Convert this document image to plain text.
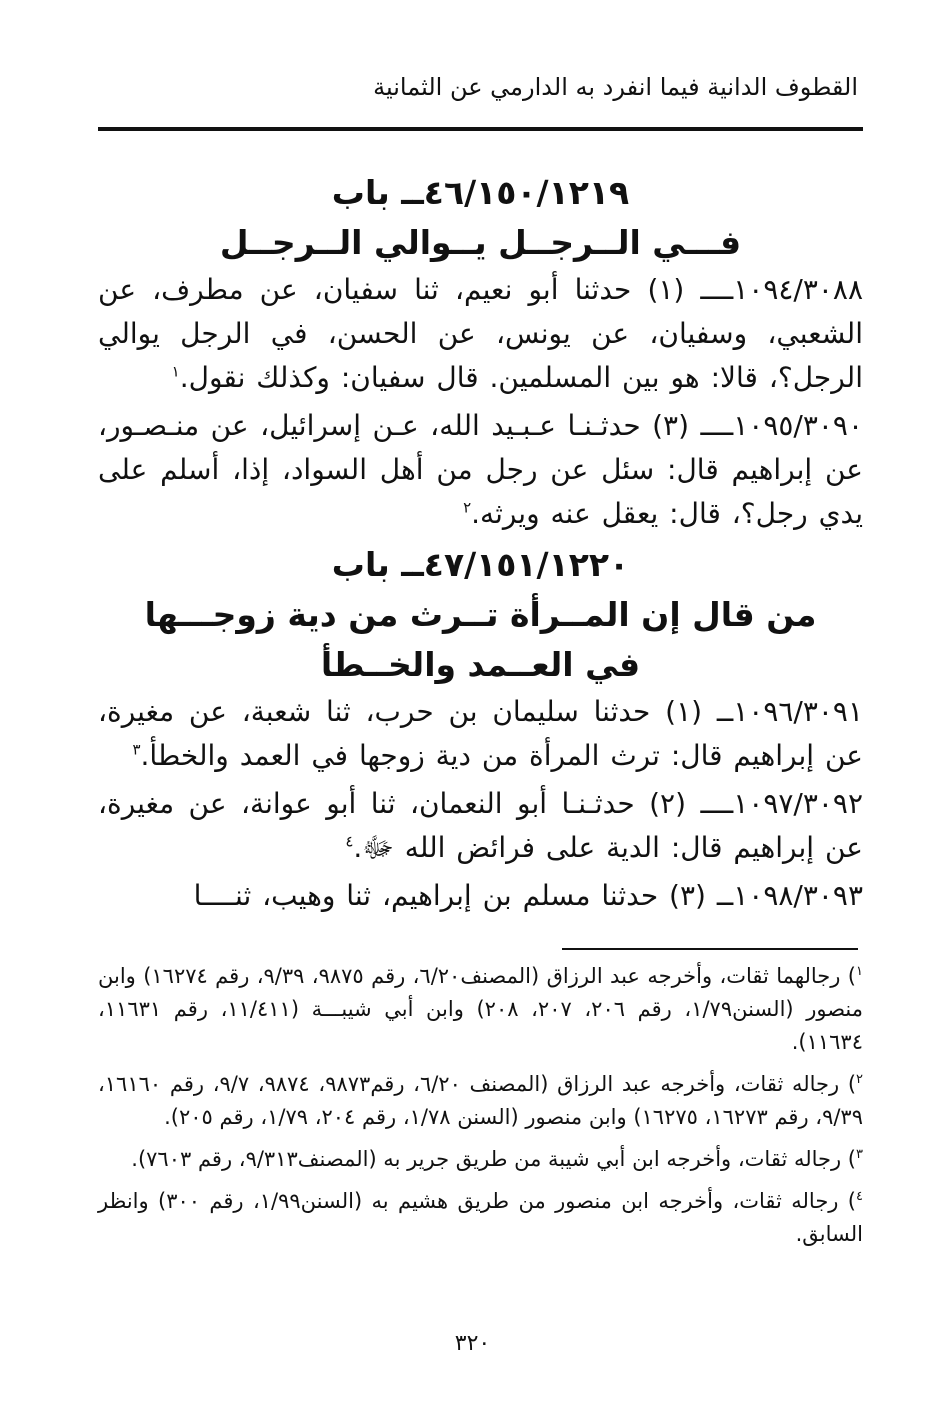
القطوف الدانية فيما انفرد به الدارمي عن الثمانية
٤٦/١٥٠/١٢١٩ــ باب
فـــي الــرجــل يــوالي الــرجــل

١٠٩٤/٣٠٨٨ــــ (١) حدثنا أبو نعيم، ثنا سفيان، عن مطرف، عن الشعبي، وسفيان، عن يونس، عن الحسن، في الرجل يوالي الرجل؟، قالا: هو بين المسلمين. قال سفيان: وكذلك نقول.$^١$

١٠٩٥/٣٠٩٠ــــ (٣) حدثـنـا عـبـيد الله، عـن إسرائيل، عن منـصـور، عن إبراهيم قال: سئل عن رجل من أهل السواد، إذا، أسلم على يدي رجل؟، قال: يعقل عنه ويرثه.$^٢$

٤٧/١٥١/١٢٢٠ــ باب
من قال إن المــرأة تــرث من دية زوجـــها
في العــمد والخــطأ

١٠٩٦/٣٠٩١ــ (١) حدثنا سليمان بن حرب، ثنا شعبة، عن مغيرة، عن إبراهيم قال: ترث المرأة من دية زوجها في العمد والخطأ.$^٣$

١٠٩٧/٣٠٩٢ــــ (٢) حدثـنـا أبو النعمان، ثنا أبو عوانة، عن مغيرة، عن إبراهيم قال: الدية على فرائض الله ﷻ.$^٤$

١٠٩٨/٣٠٩٣ــ (٣) حدثنا مسلم بن إبراهيم، ثنا وهيب، ثنــــا

$^١$) رجالهما ثقات، وأخرجه عبد الرزاق (المصنف٦/٢٠، رقم ٩٨٧٥، ٩/٣٩، رقم ١٦٢٧٤) وابن منصور (السنن١/٧٩، رقم ٢٠٦، ٢٠٧، ٢٠٨) وابن أبي شيبـــة (١١/٤١١، رقم ١١٦٣١، ١١٦٣٤).

$^٢$) رجاله ثقات، وأخرجه عبد الرزاق (المصنف ٦/٢٠، رقم٩٨٧٣، ٩٨٧٤، ٩/٧، رقم ١٦١٦٠، ٩/٣٩، رقم ١٦٢٧٣، ١٦٢٧٥) وابن منصور (السنن ١/٧٨، رقم ٢٠٤، ١/٧٩، رقم ٢٠٥).

$^٣$) رجاله ثقات، وأخرجه ابن أبي شيبة من طريق جرير به (المصنف٩/٣١٣، رقم ٧٦٠٣).

$^٤$) رجاله ثقات، وأخرجه ابن منصور من طريق هشيم به (السنن١/٩٩، رقم ٣٠٠) وانظر السابق.

٣٢٠
